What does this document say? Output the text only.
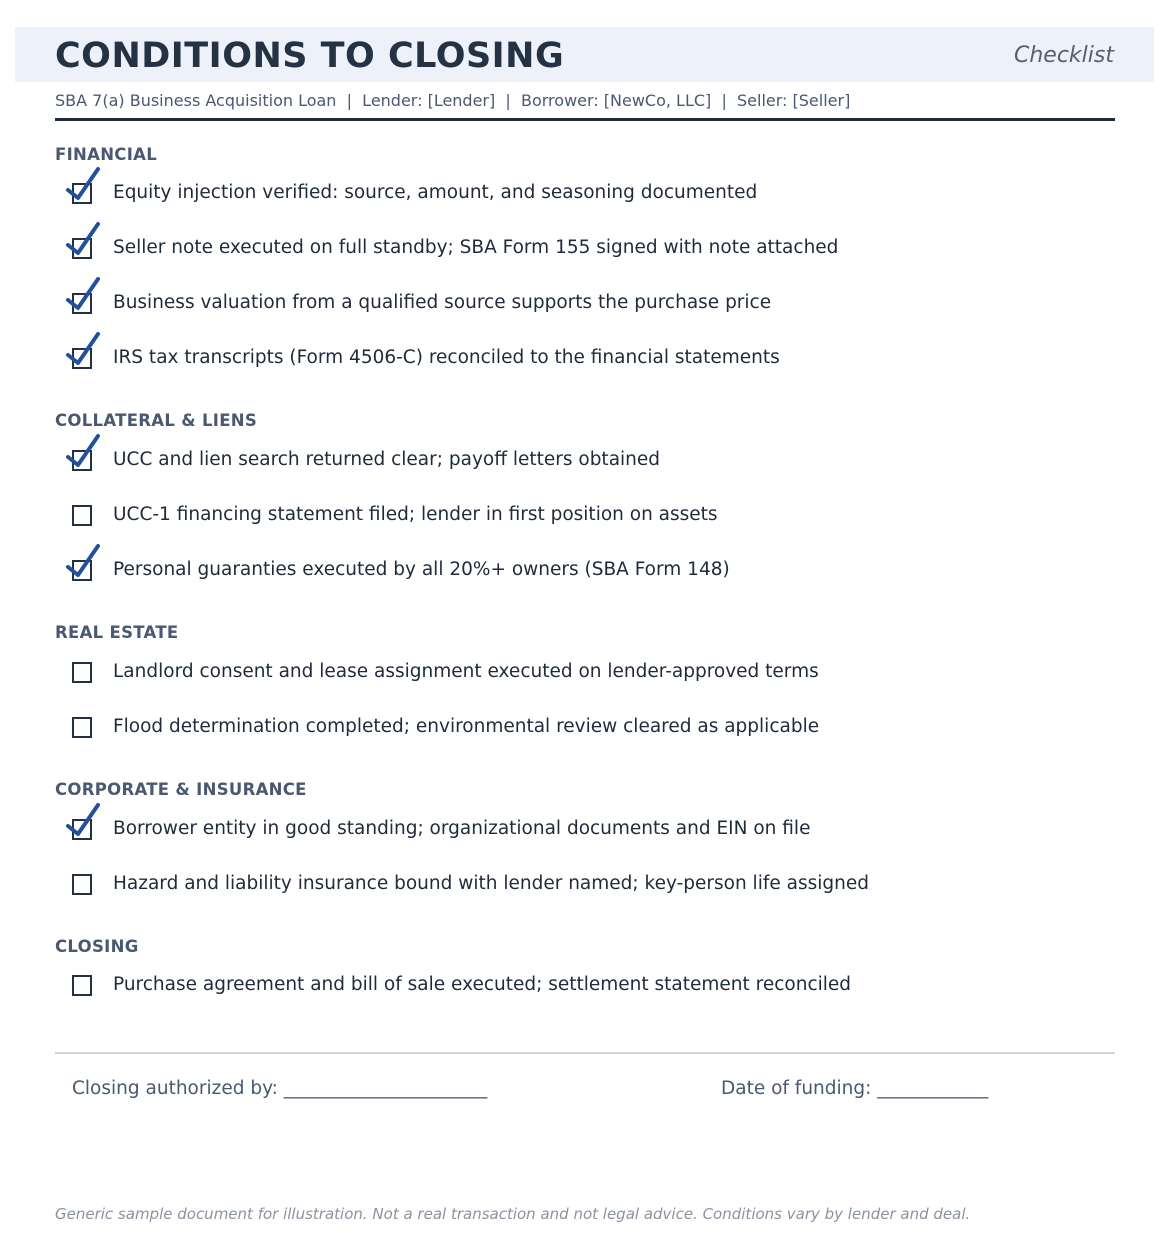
CONDITIONS TO CLOSING	Checklist
SBA 7(a) Business Acquisition Loan  |  Lender: [Lender]  |  Borrower: [NewCo, LLC]  |  Seller: [Seller]
FINANCIAL
Equity injection verified: source, amount, and seasoning documented
Seller note executed on full standby; SBA Form 155 signed with note attached
Business valuation from a qualified source supports the purchase price
IRS tax transcripts (Form 4506-C) reconciled to the financial statements
COLLATERAL & LIENS
UCC and lien search returned clear; payoff letters obtained
UCC-1 financing statement filed; lender in first position on assets
Personal guaranties executed by all 20%+ owners (SBA Form 148)
REAL ESTATE
Landlord consent and lease assignment executed on lender-approved terms
Flood determination completed; environmental review cleared as applicable
CORPORATE & INSURANCE
Borrower entity in good standing; organizational documents and EIN on file
Hazard and liability insurance bound with lender named; key-person life assigned
CLOSING
Purchase agreement and bill of sale executed; settlement statement reconciled
Closing authorized by: ______________________	Date of funding: ____________
Generic sample document for illustration. Not a real transaction and not legal advice. Conditions vary by lender and deal.
